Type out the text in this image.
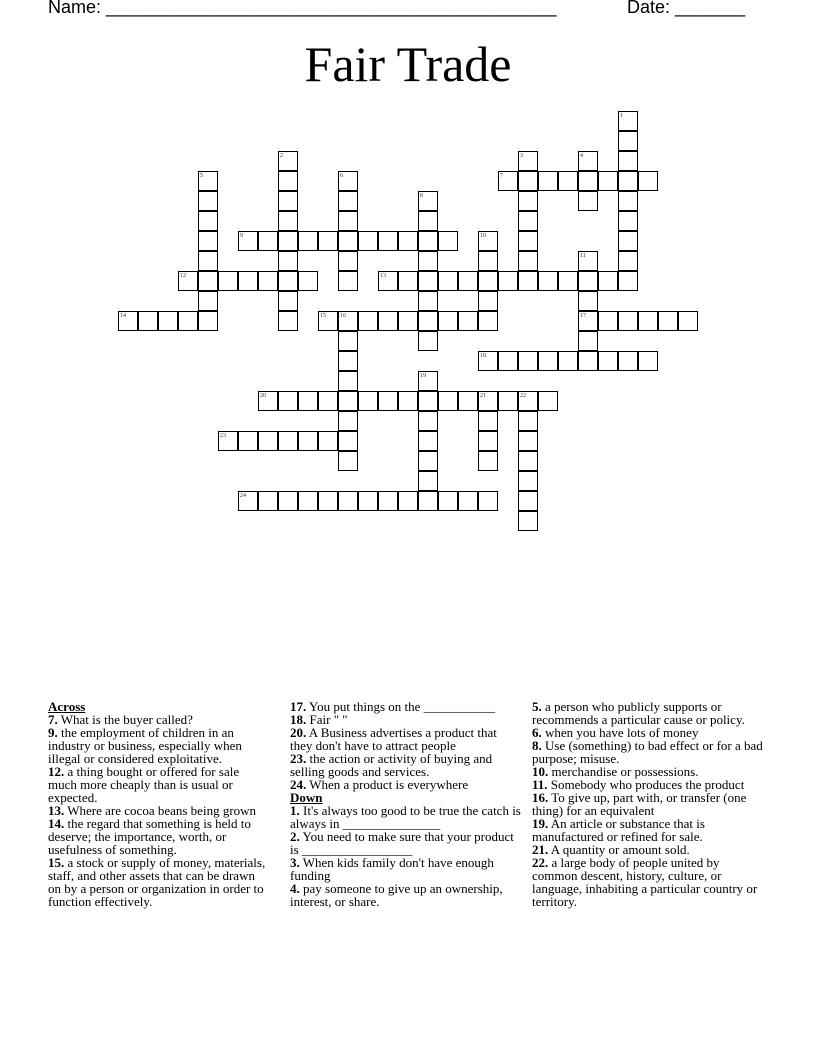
Name: _____________________________________________	Date: _______
Fair Trade
1
2	3	4
5	6	7
8
9	10
11
12	13
14	15 16	17
18
19
20	21	22
23
24
Across
7. What is the buyer called?
9. the employment of children in an industry or business, especially when illegal or considered exploitative.
12. a thing bought or offered for sale much more cheaply than is usual or expected.
13. Where are cocoa beans being grown
14. the regard that something is held to deserve; the importance, worth, or usefulness of something.
15. a stock or supply of money, materials, staff, and other assets that can be drawn on by a person or organization in order to function effectively.
17. You put things on the ___________
18. Fair " "
20. A Business advertises a product that they don't have to attract people
23. the action or activity of buying and selling goods and services.
24. When a product is everywhere
Down
1. It's always too good to be true the catch is always in _______________
2. You need to make sure that your product is _________________
3. When kids family don't have enough funding
4. pay someone to give up an ownership, interest, or share.
5. a person who publicly supports or recommends a particular cause or policy.
6. when you have lots of money
8. Use (something) to bad effect or for a bad purpose; misuse.
10. merchandise or possessions.
11. Somebody who produces the product
16. To give up, part with, or transfer (one thing) for an equivalent
19. An article or substance that is manufactured or refined for sale.
21. A quantity or amount sold.
22. a large body of people united by common descent, history, culture, or language, inhabiting a particular country or territory.
